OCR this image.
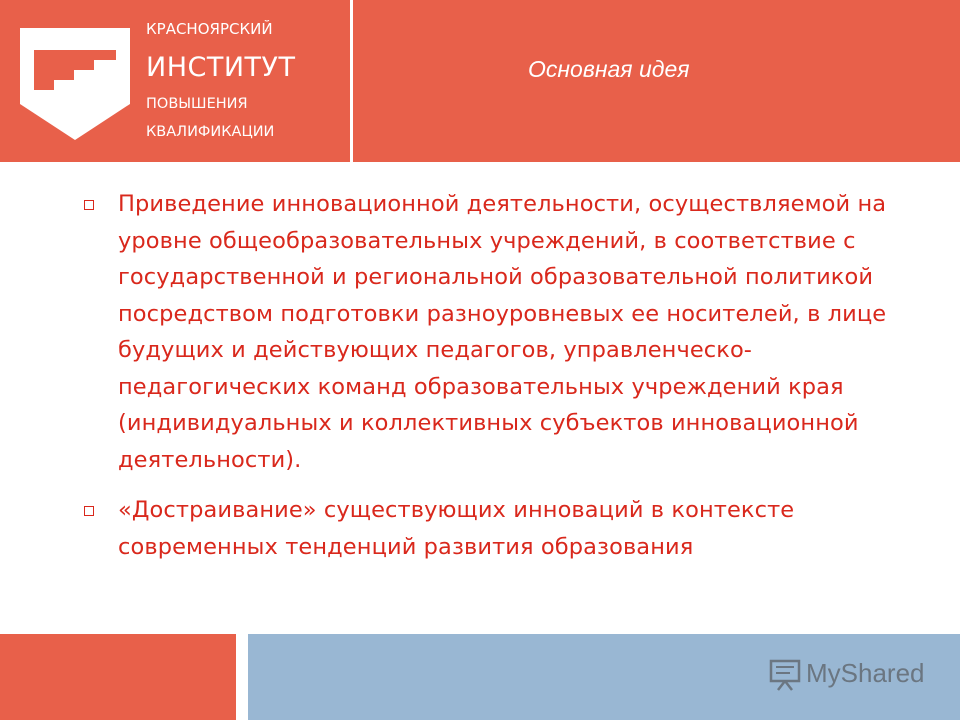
КРАСНОЯРСКИЙ
ИНСТИТУТ
ПОВЫШЕНИЯ
КВАЛИФИКАЦИИ
Основная идея
Приведение инновационной деятельности, осуществляемой на уровне общеобразовательных учреждений, в соответствие с государственной и региональной образовательной политикой посредством подготовки разноуровневых ее носителей, в лице будущих и действующих педагогов, управленческо-педагогических команд образовательных учреждений края (индивидуальных и коллективных субъектов инновационной деятельности).
«Достраивание» существующих инноваций в контексте современных тенденций развития образования
MyShared
